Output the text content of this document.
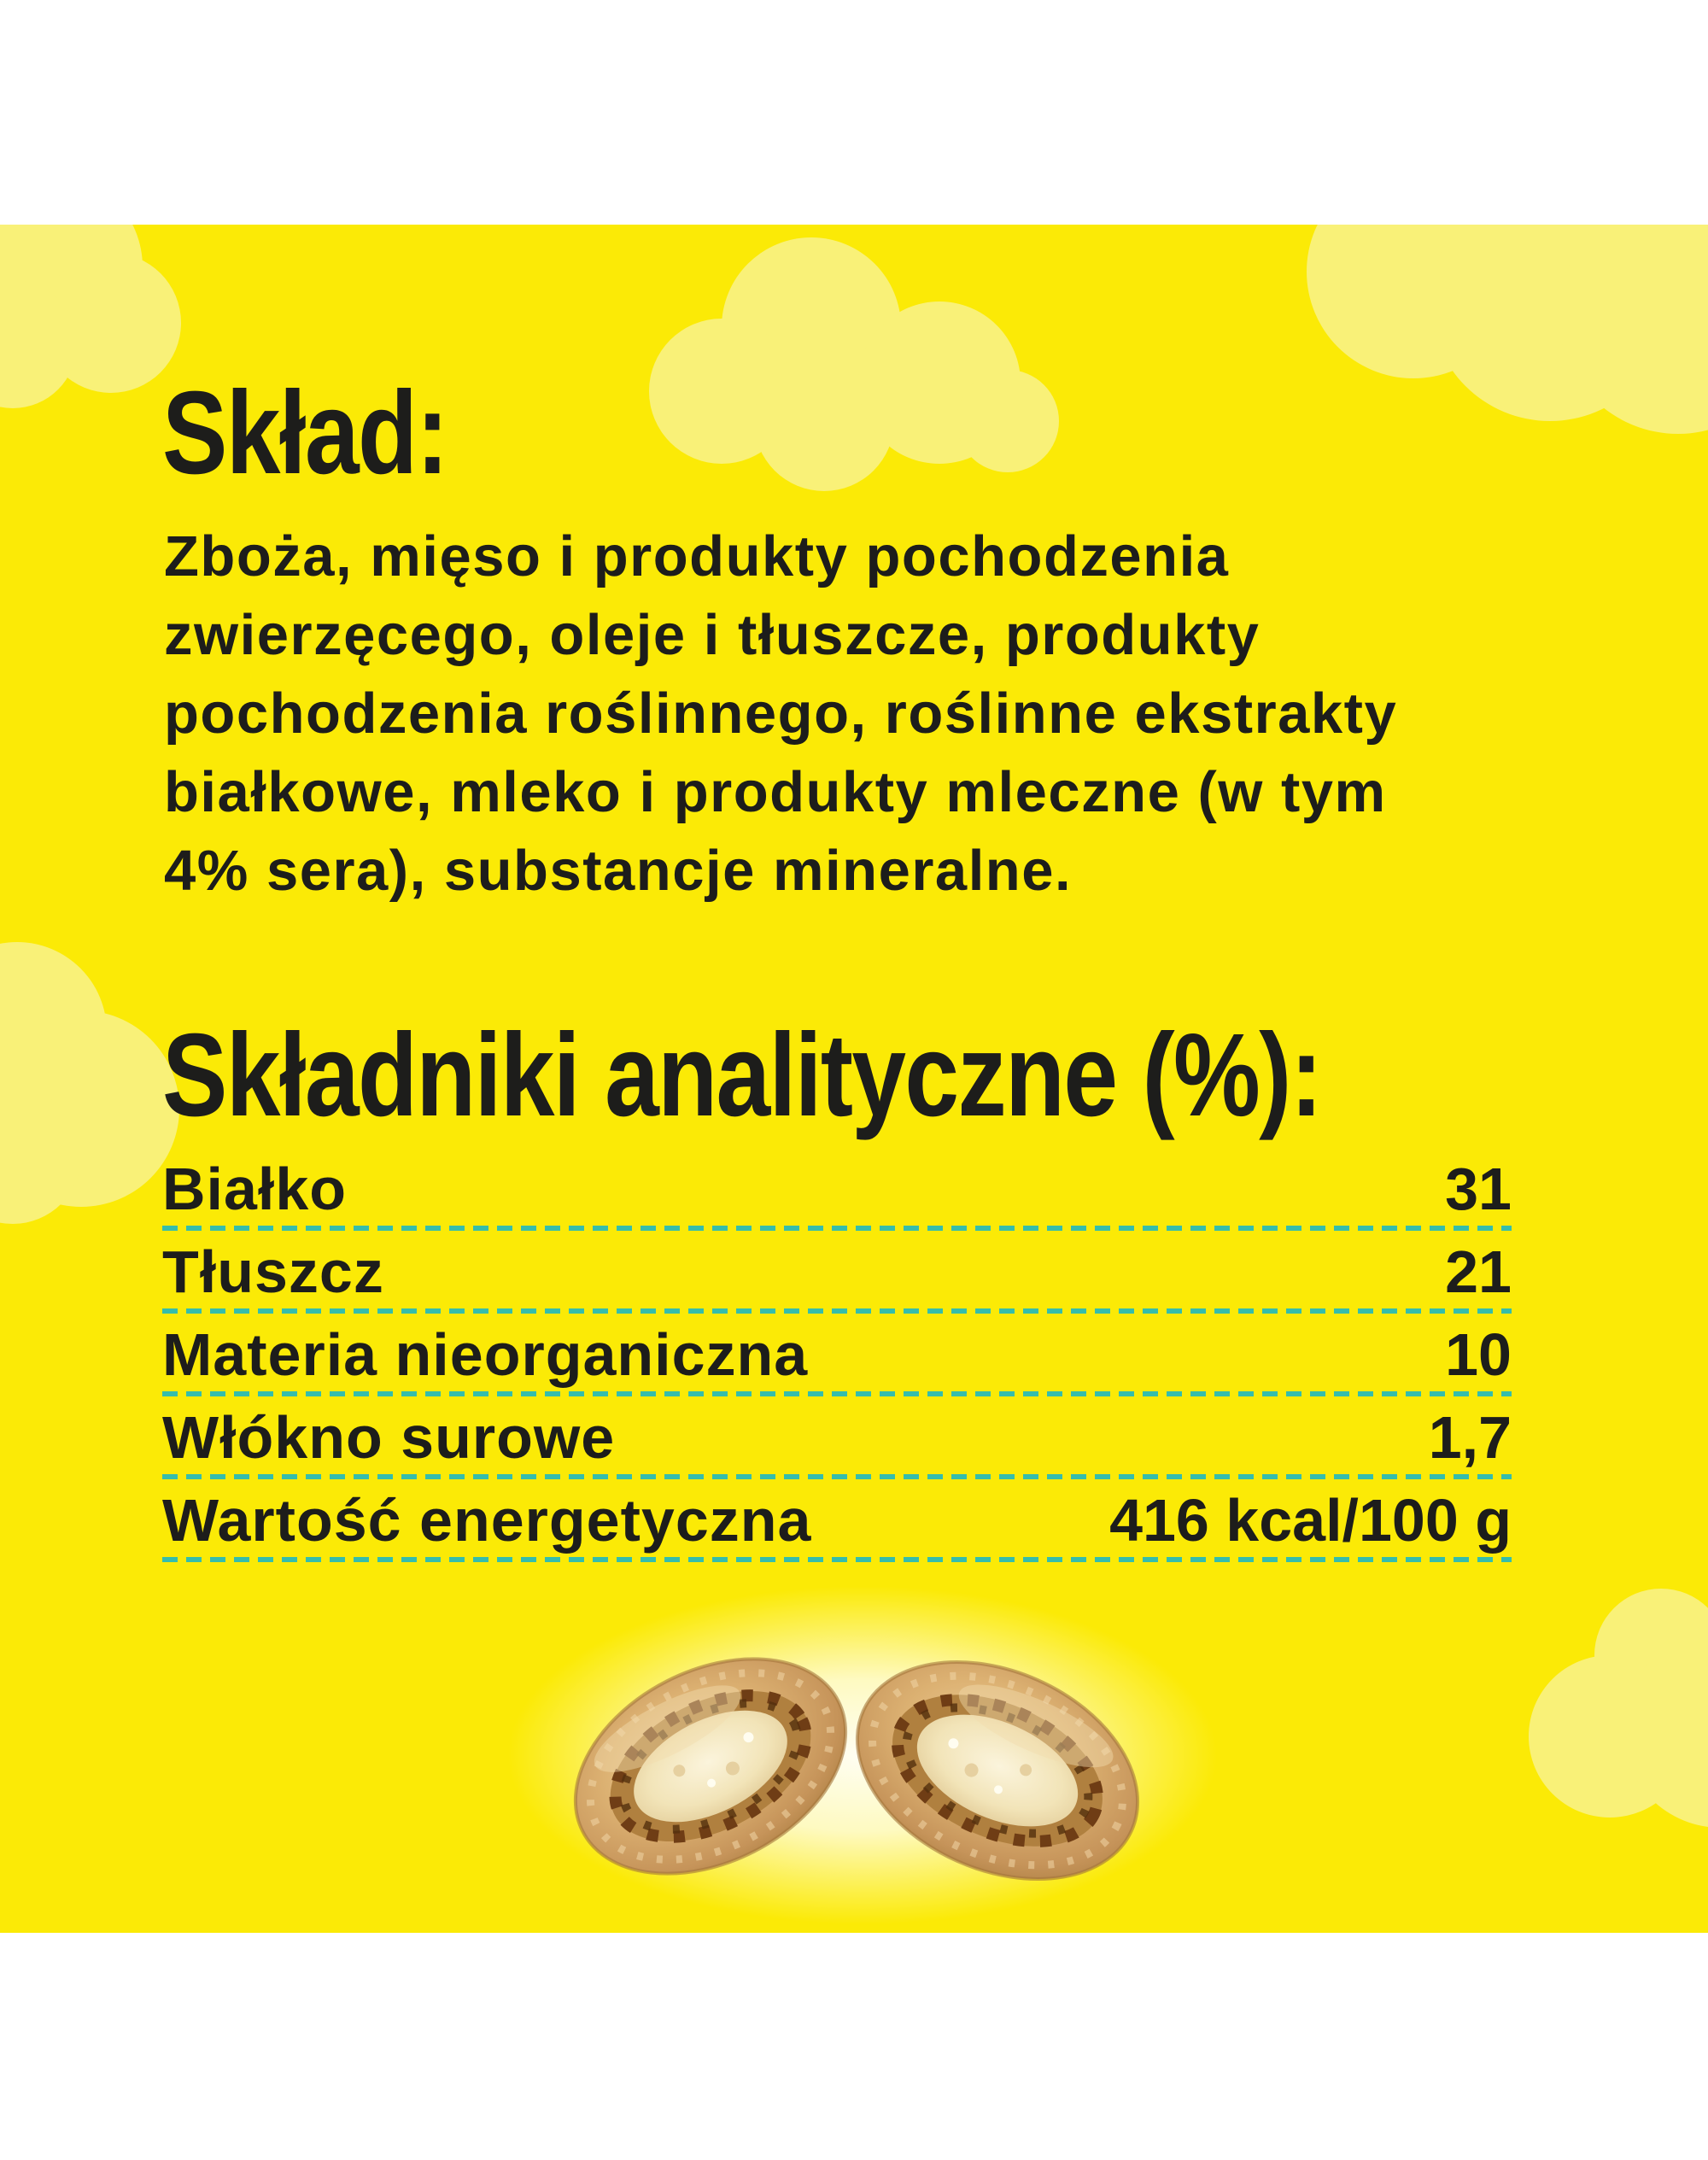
Skład:
Zboża, mięso i produkty pochodzenia
zwierzęcego, oleje i tłuszcze, produkty
pochodzenia roślinnego, roślinne ekstrakty
białkowe, mleko i produkty mleczne (w tym
4% sera), substancje mineralne.
Składniki analityczne (%):
Białko	31
Tłuszcz	21
Materia nieorganiczna	10
Włókno surowe	1,7
Wartość energetyczna	416 kcal/100 g
